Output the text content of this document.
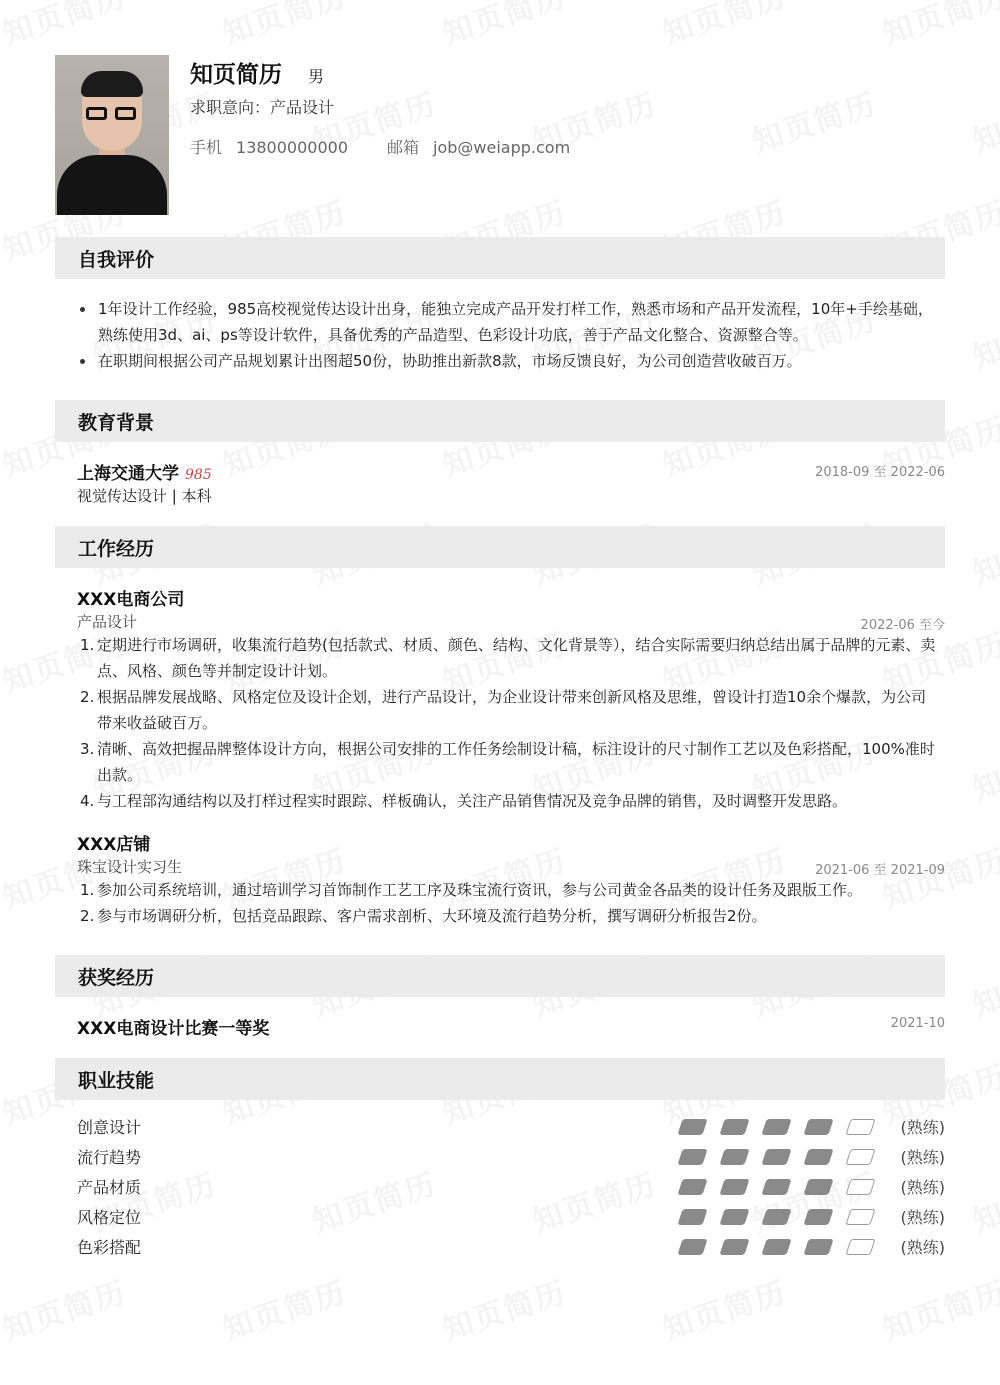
知页简历 男
求职意向：产品设计
手机 13800000000 邮箱 job@weiapp.com
自我评价
1年设计工作经验，985高校视觉传达设计出身，能独立完成产品开发打样工作，熟悉市场和产品开发流程，10年+手绘基础，熟练使用3d、ai、ps等设计软件，具备优秀的产品造型、色彩设计功底，善于产品文化整合、资源整合等。
在职期间根据公司产品规划累计出图超50份，协助推出新款8款，市场反馈良好，为公司创造营收破百万。
教育背景
上海交通大学 985	2018-09 至 2022-06
视觉传达设计 | 本科
工作经历
XXX电商公司
产品设计	2022-06 至今
1. 定期进行市场调研，收集流行趋势(包括款式、材质、颜色、结构、文化背景等），结合实际需要归纳总结出属于品牌的元素、卖点、风格、颜色等并制定设计计划。
2. 根据品牌发展战略、风格定位及设计企划，进行产品设计，为企业设计带来创新风格及思维，曾设计打造10余个爆款，为公司带来收益破百万。
3. 清晰、高效把握品牌整体设计方向，根据公司安排的工作任务绘制设计稿，标注设计的尺寸制作工艺以及色彩搭配，100%准时出款。
4. 与工程部沟通结构以及打样过程实时跟踪、样板确认，关注产品销售情况及竞争品牌的销售，及时调整开发思路。
XXX店铺
珠宝设计实习生	2021-06 至 2021-09
1. 参加公司系统培训，通过培训学习首饰制作工艺工序及珠宝流行资讯，参与公司黄金各品类的设计任务及跟版工作。
2. 参与市场调研分析，包括竞品跟踪、客户需求剖析、大环境及流行趋势分析，撰写调研分析报告2份。
获奖经历
XXX电商设计比赛一等奖	2021-10
职业技能
创意设计	(熟练)
流行趋势	(熟练)
产品材质	(熟练)
风格定位	(熟练)
色彩搭配	(熟练)
